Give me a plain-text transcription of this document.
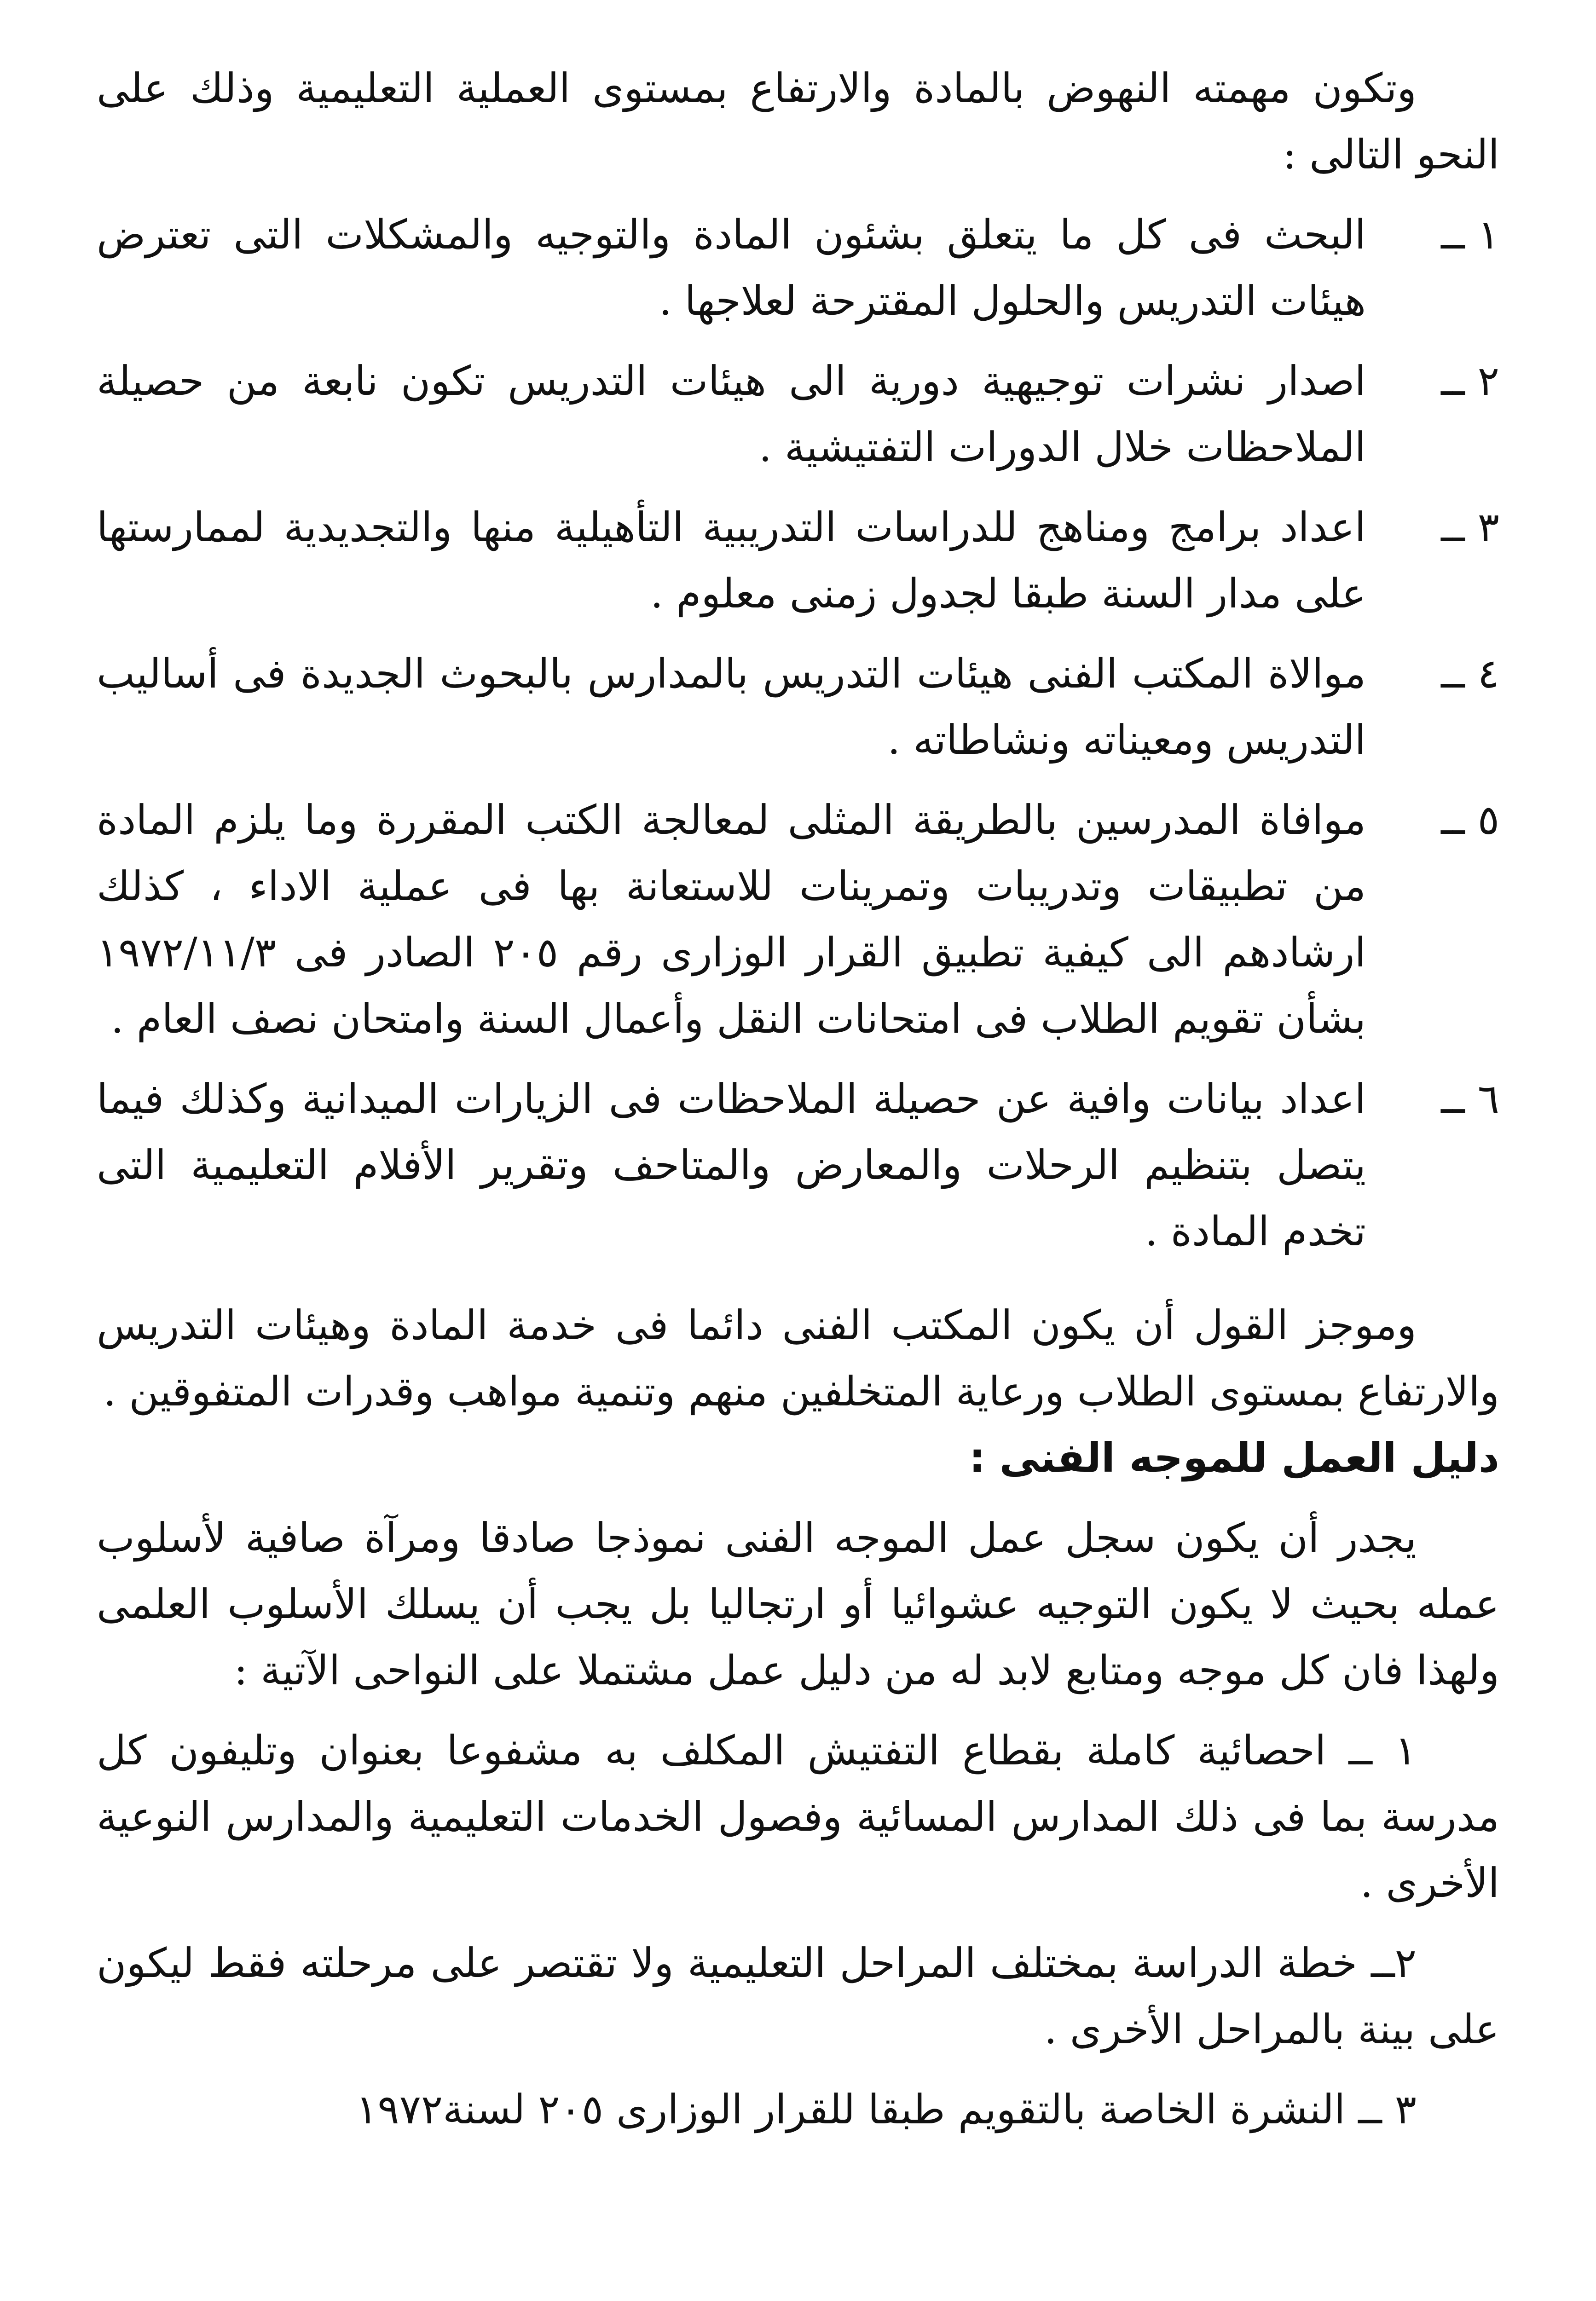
وتكون مهمته النهوض بالمادة والارتفاع بمستوى العملية التعليمية وذلك على النحو التالى :

١ ــ
البحث فى كل ما يتعلق بشئون المادة والتوجيه والمشكلات التى تعترض هيئات التدريس والحلول المقترحة لعلاجها .
٢ ــ
اصدار نشرات توجيهية دورية الى هيئات التدريس تكون نابعة من حصيلة الملاحظات خلال الدورات التفتيشية .
٣ ــ
اعداد برامج ومناهج للدراسات التدريبية التأهيلية منها والتجديدية لممارستها على مدار السنة طبقا لجدول زمنى معلوم .
٤ ــ
موالاة المكتب الفنى هيئات التدريس بالمدارس بالبحوث الجديدة فى أساليب التدريس ومعيناته ونشاطاته .
٥ ــ
موافاة المدرسين بالطريقة المثلى لمعالجة الكتب المقررة وما يلزم المادة من تطبيقات وتدريبات وتمرينات للاستعانة بها فى عملية الاداء ، كذلك ارشادهم الى كيفية تطبيق القرار الوزارى رقم ٢٠٥ الصادر فى ١٩٧٢/١١/٣ بشأن تقويم الطلاب فى امتحانات النقل وأعمال السنة وامتحان نصف العام .
٦ ــ
اعداد بيانات وافية عن حصيلة الملاحظات فى الزيارات الميدانية وكذلك فيما يتصل بتنظيم الرحلات والمعارض والمتاحف وتقرير الأفلام التعليمية التى تخدم المادة .

وموجز القول أن يكون المكتب الفنى دائما فى خدمة المادة وهيئات التدريس والارتفاع بمستوى الطلاب ورعاية المتخلفين منهم وتنمية مواهب وقدرات المتفوقين .

دليل العمل للموجه الفنى :

يجدر أن يكون سجل عمل الموجه الفنى نموذجا صادقا ومرآة صافية لأسلوب عمله بحيث لا يكون التوجيه عشوائيا أو ارتجاليا بل يجب أن يسلك الأسلوب العلمى ولهذا فان كل موجه ومتابع لابد له من دليل عمل مشتملا على النواحى الآتية :

١ ــ احصائية كاملة بقطاع التفتيش المكلف به مشفوعا بعنوان وتليفون كل مدرسة بما فى ذلك المدارس المسائية وفصول الخدمات التعليمية والمدارس النوعية الأخرى .

٢ــ خطة الدراسة بمختلف المراحل التعليمية ولا تقتصر على مرحلته فقط ليكون على بينة بالمراحل الأخرى .

٣ ــ النشرة الخاصة بالتقويم طبقا للقرار الوزارى ٢٠٥ لسنة١٩٧٢
